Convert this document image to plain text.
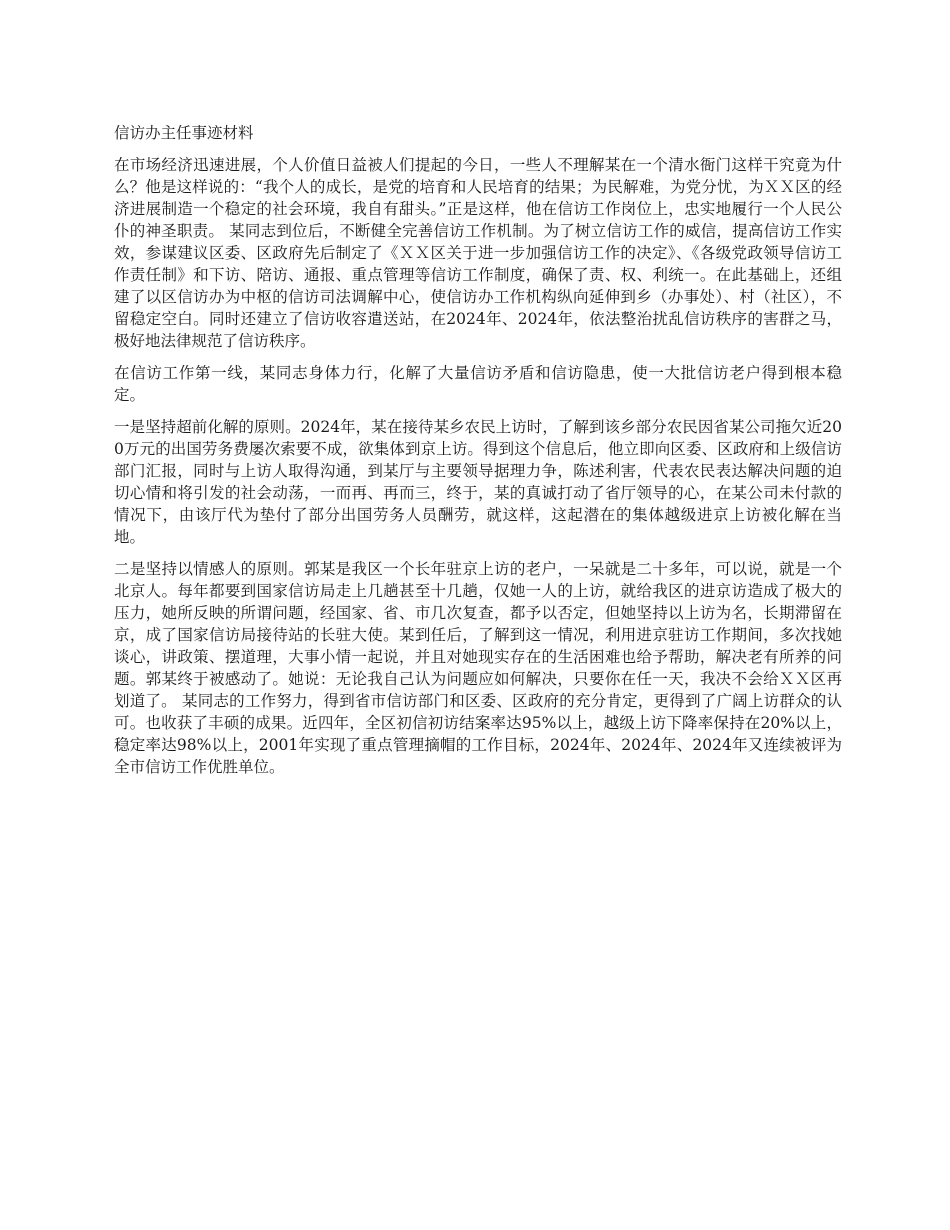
信访办主任事迹材料

在市场经济迅速进展，个人价值日益被人们提起的今日，一些人不理解某在一个清水衙门这样干究竟为什么？他是这样说的：“我个人的成长，是党的培育和人民培育的结果；为民解难，为党分忧，为ＸＸ区的经济进展制造一个稳定的社会环境，我自有甜头。”正是这样，他在信访工作岗位上，忠实地履行一个人民公仆的神圣职责。 某同志到位后，不断健全完善信访工作机制。为了树立信访工作的威信，提高信访工作实效，参谋建议区委、区政府先后制定了《ＸＸ区关于进一步加强信访工作的决定》、《各级党政领导信访工作责任制》和下访、陪访、通报、重点管理等信访工作制度，确保了责、权、利统一。在此基础上，还组建了以区信访办为中枢的信访司法调解中心，使信访办工作机构纵向延伸到乡（办事处）、村（社区），不留稳定空白。同时还建立了信访收容遣送站，在2024年、2024年，依法整治扰乱信访秩序的害群之马，极好地法律规范了信访秩序。

在信访工作第一线，某同志身体力行，化解了大量信访矛盾和信访隐患，使一大批信访老户得到根本稳定。

一是坚持超前化解的原则。2024年，某在接待某乡农民上访时，了解到该乡部分农民因省某公司拖欠近200万元的出国劳务费屡次索要不成，欲集体到京上访。得到这个信息后，他立即向区委、区政府和上级信访部门汇报，同时与上访人取得沟通，到某厅与主要领导据理力争，陈述利害，代表农民表达解决问题的迫切心情和将引发的社会动荡，一而再、再而三，终于，某的真诚打动了省厅领导的心，在某公司未付款的情况下，由该厅代为垫付了部分出国劳务人员酬劳，就这样，这起潜在的集体越级进京上访被化解在当地。

二是坚持以情感人的原则。郭某是我区一个长年驻京上访的老户，一呆就是二十多年，可以说，就是一个北京人。每年都要到国家信访局走上几趟甚至十几趟，仅她一人的上访，就给我区的进京访造成了极大的压力，她所反映的所谓问题，经国家、省、市几次复查，都予以否定，但她坚持以上访为名，长期滞留在京，成了国家信访局接待站的长驻大使。某到任后，了解到这一情况，利用进京驻访工作期间，多次找她谈心，讲政策、摆道理，大事小情一起说，并且对她现实存在的生活困难也给予帮助，解决老有所养的问题。郭某终于被感动了。她说：无论我自己认为问题应如何解决，只要你在任一天，我决不会给ＸＸ区再划道了。 某同志的工作努力，得到省市信访部门和区委、区政府的充分肯定，更得到了广阔上访群众的认可。也收获了丰硕的成果。近四年，全区初信初访结案率达95%以上，越级上访下降率保持在20%以上，稳定率达98%以上，2001年实现了重点管理摘帽的工作目标，2024年、2024年、2024年又连续被评为全市信访工作优胜单位。
